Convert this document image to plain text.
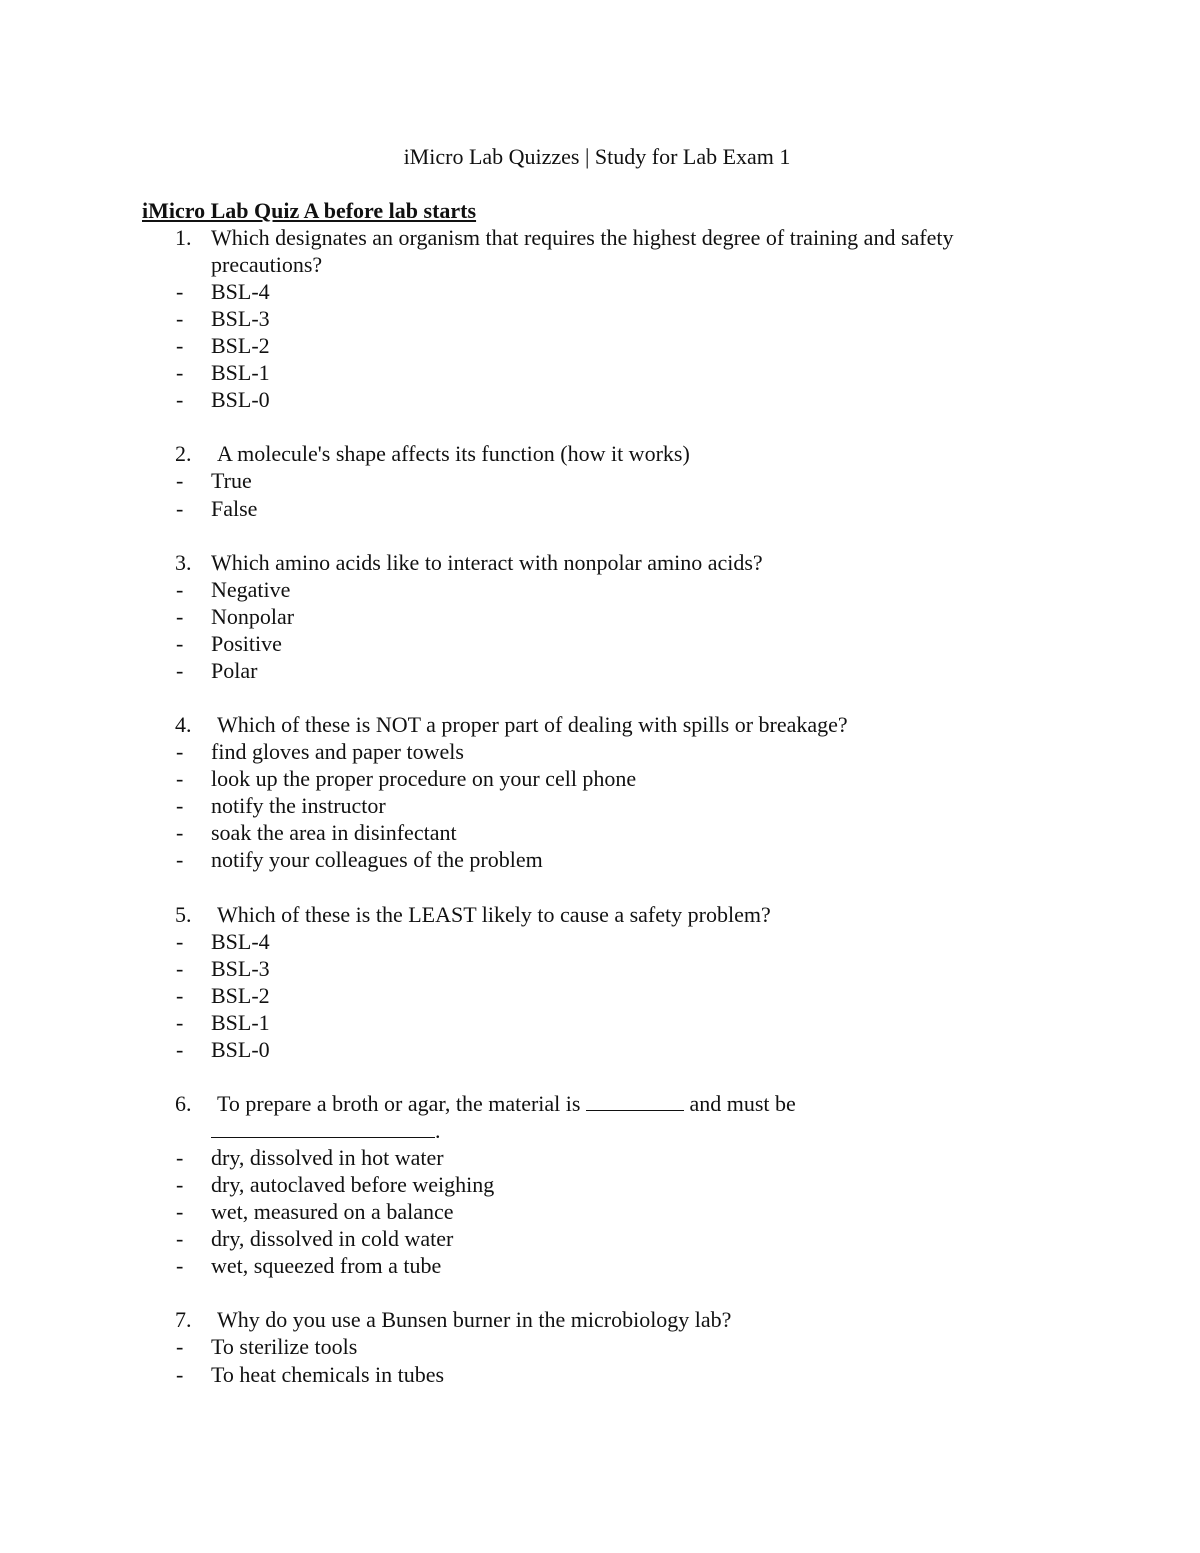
iMicro Lab Quizzes | Study for Lab Exam 1
iMicro Lab Quiz A before lab starts
1. Which designates an organism that requires the highest degree of training and safety precautions?
- BSL-4
- BSL-3
- BSL-2
- BSL-1
- BSL-0
2. A molecule's shape affects its function (how it works)
- True
- False
3. Which amino acids like to interact with nonpolar amino acids?
- Negative
- Nonpolar
- Positive
- Polar
4. Which of these is NOT a proper part of dealing with spills or breakage?
- find gloves and paper towels
- look up the proper procedure on your cell phone
- notify the instructor
- soak the area in disinfectant
- notify your colleagues of the problem
5. Which of these is the LEAST likely to cause a safety problem?
- BSL-4
- BSL-3
- BSL-2
- BSL-1
- BSL-0
6. To prepare a broth or agar, the material is	and must be
.
- dry, dissolved in hot water
- dry, autoclaved before weighing
- wet, measured on a balance
- dry, dissolved in cold water
- wet, squeezed from a tube
7. Why do you use a Bunsen burner in the microbiology lab?
- To sterilize tools
- To heat chemicals in tubes
